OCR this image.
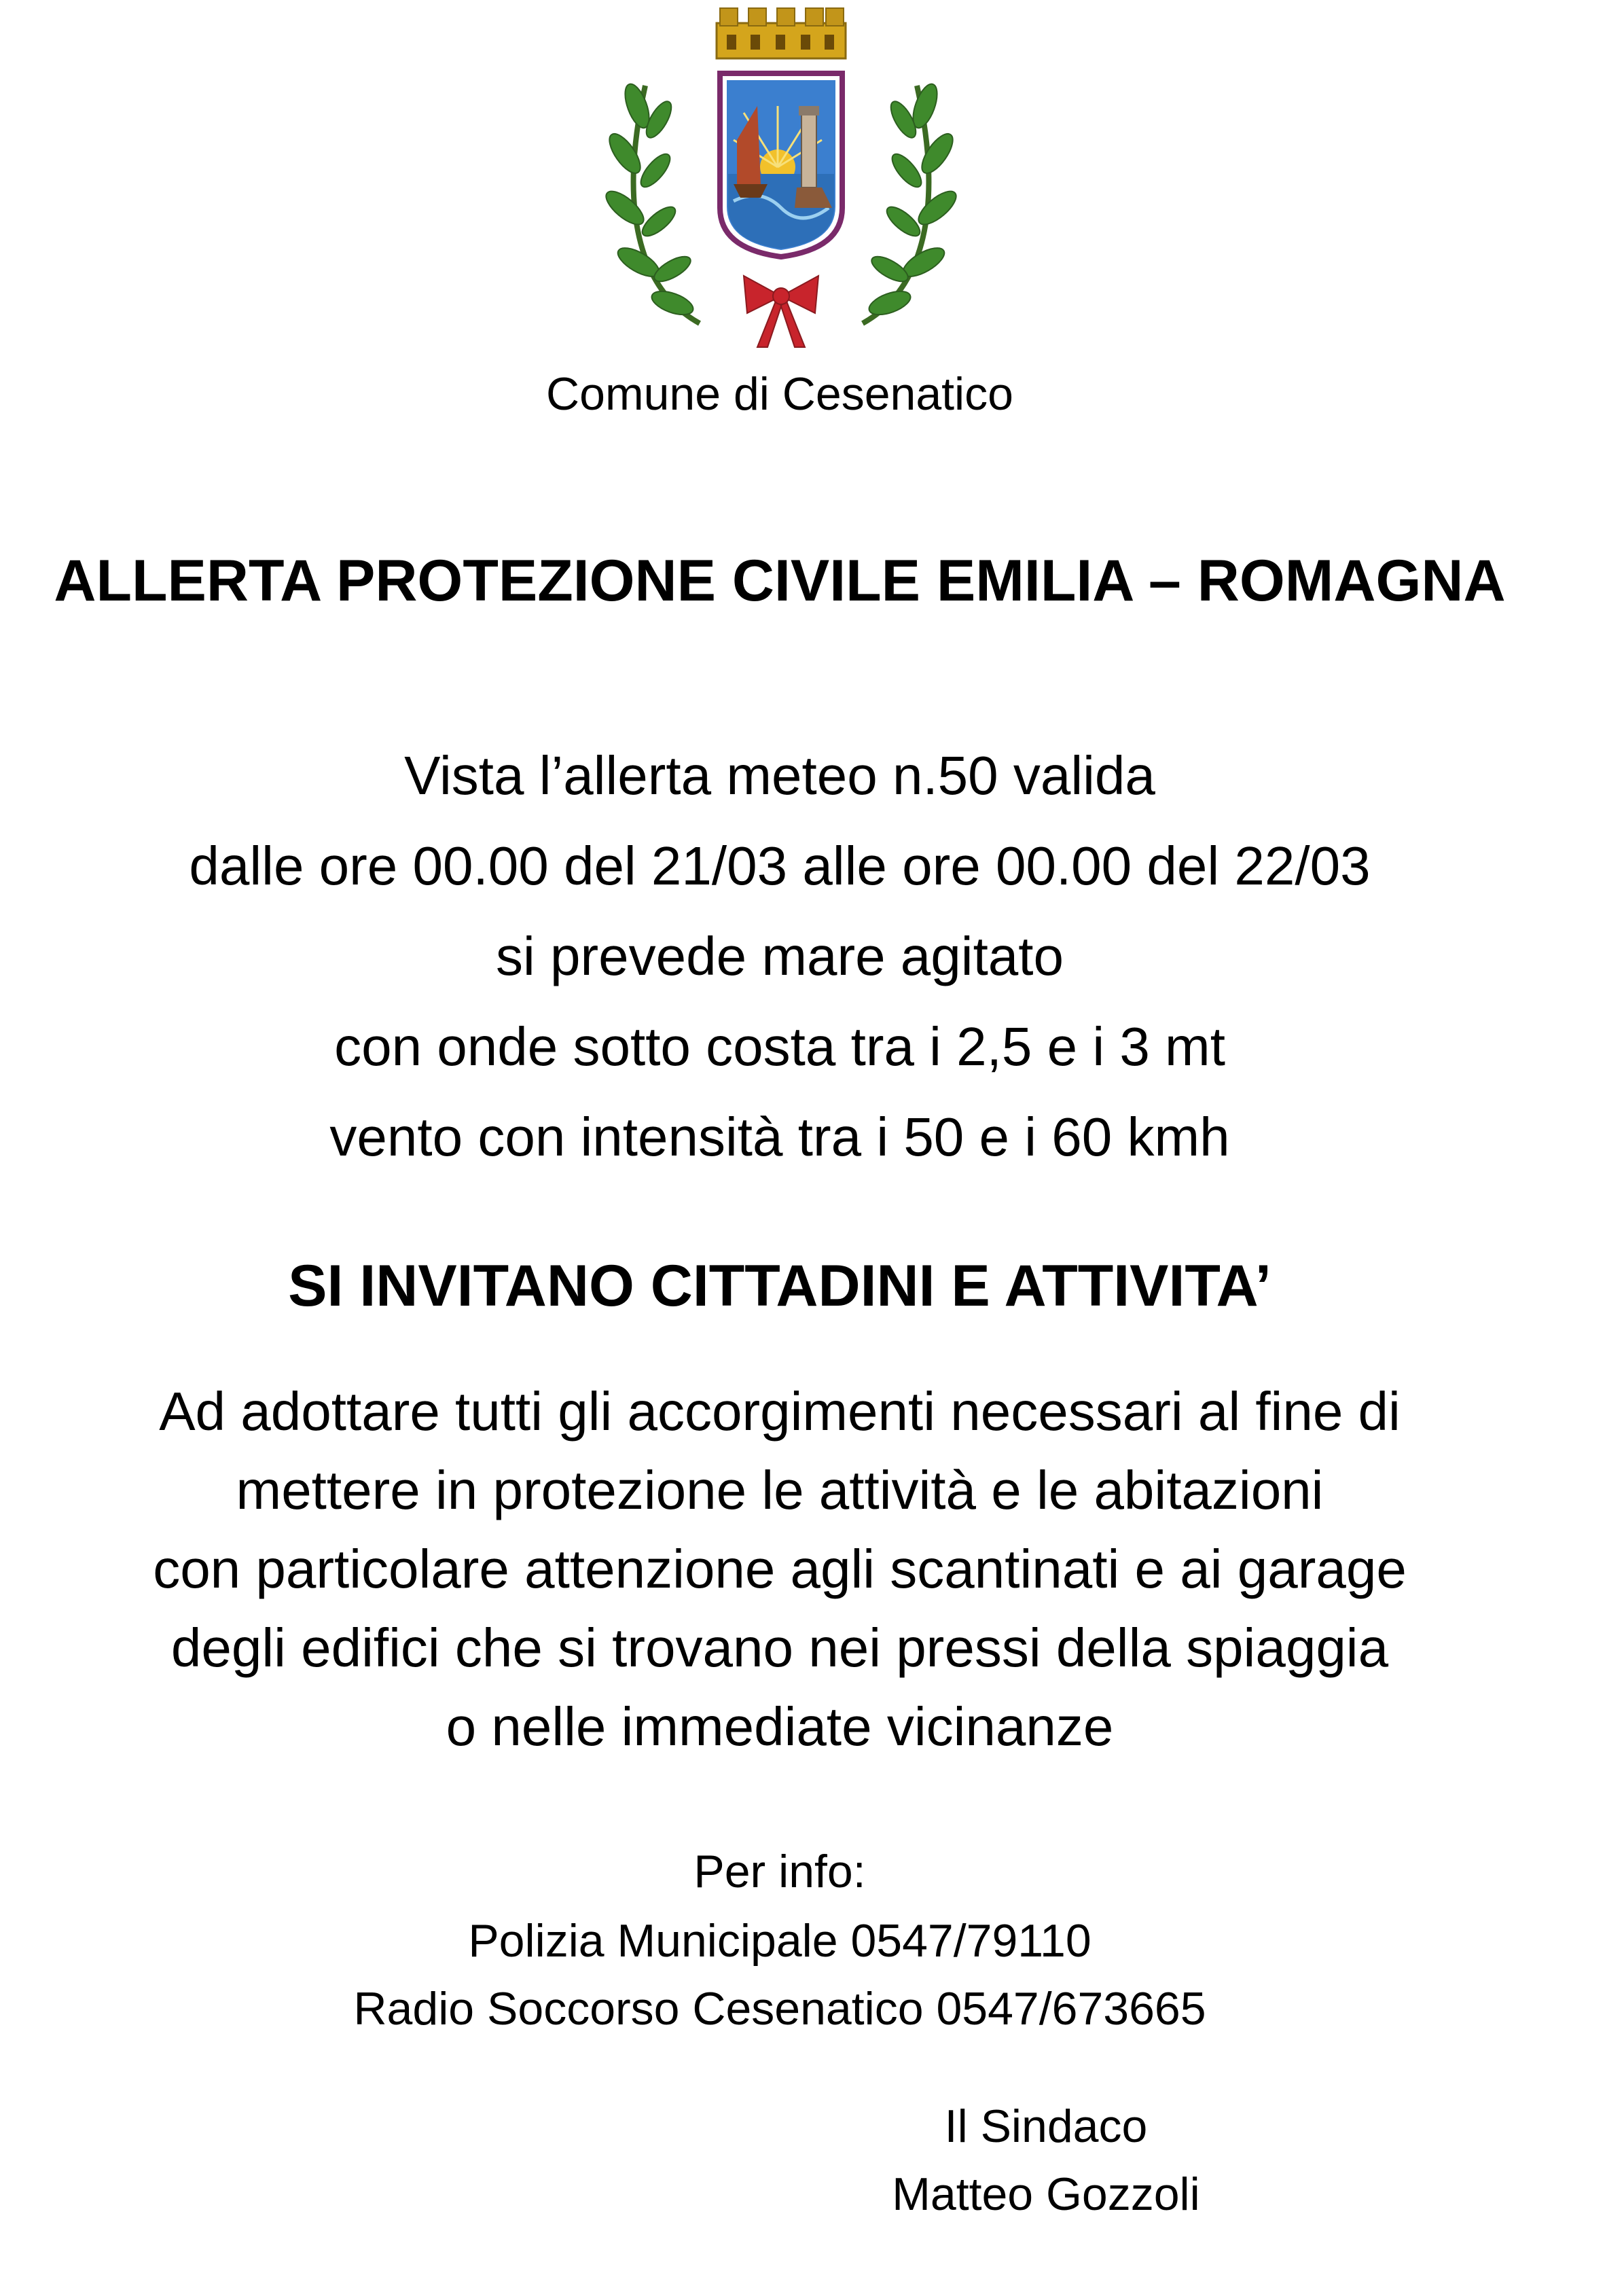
Comune di Cesenatico
ALLERTA PROTEZIONE CIVILE EMILIA – ROMAGNA
Vista l’allerta meteo n.50 valida
dalle ore 00.00 del 21/03 alle ore 00.00 del 22/03
si prevede mare agitato
con onde sotto costa tra i 2,5 e i 3 mt
vento con intensità tra i 50 e i 60 kmh
SI INVITANO CITTADINI E ATTIVITA’
Ad adottare tutti gli accorgimenti necessari al fine di
mettere in protezione le attività e le abitazioni
con particolare attenzione agli scantinati e ai garage
degli edifici che si trovano nei pressi della spiaggia
o nelle immediate vicinanze
Per info:
Polizia Municipale 0547/79110
Radio Soccorso Cesenatico 0547/673665
Il Sindaco
Matteo Gozzoli
